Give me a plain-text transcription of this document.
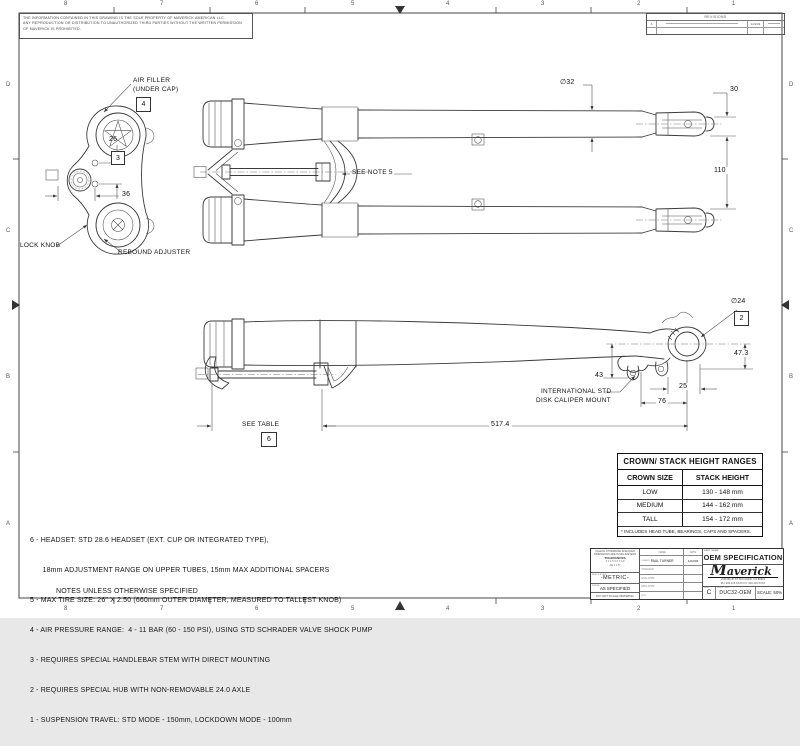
THE INFORMATION CONTAINED IN THIS DRAWING IS THE SOLE PROPERTY OF MAVERICK AMERICAN LLC.
ANY REPRODUCTION OR DISTRIBUTION TO UNAUTHORIZED THIRD PARTIES WITHOUT THE WRITTEN PERMISSION
OF MAVERICK IS PROHIBITED.
REVISIONS
A	1/22/03
8	7	6	5	4	3	2	1
8	7	6	5	4	3	2	1
D
C
B
A
D
C
B
A
AIR FILLER
(UNDER CAP)
4
26
3
36
LOCK KNOB
REBOUND ADJUSTER
SEE NOTE 5
∅32
30
110
SEE TABLE
6
517.4
76
25
43
47.3
∅24
2
INTERNATIONAL STD
DISK CALIPER MOUNT
CROWN/ STACK HEIGHT RANGES
CROWN SIZE	STACK HEIGHT
LOW	130 - 148 mm
MEDIUM	144 - 162 mm
TALL	154 - 172 mm
* INCLUDES HEAD TUBE, BEARINGS, CAPS AND SPACERS.

6 - HEADSET: STD 28.6 HEADSET (EXT. CUP OR INTEGRATED TYPE),

18mm ADJUSTMENT RANGE ON UPPER TUBES, 15mm MAX ADDITIONAL SPACERS

5 - MAX TIRE SIZE: 26" X 2.50 (660mm OUTER DIAMETER, MEASURED TO TALLEST KNOB)

4 - AIR PRESSURE RANGE:  4 - 11 BAR (60 - 150 PSI), USING STD SCHRADER VALVE SHOCK PUMP

3 - REQUIRES SPECIAL HANDLEBAR STEM WITH DIRECT MOUNTING

2 - REQUIRES SPECIAL HUB WITH NON-REMOVABLE 24.0 AXLE

1 - SUSPENSION TRAVEL: STD MODE - 150mm, LOCKDOWN MODE - 100mm

NOTES UNLESS OTHERWISE SPECIFIED
UNLESS OTHERWISE SPECIFIED
DIMENSIONS ARE IN MILLIMETERS
TOLERANCES
X ± 1.5 X.X ± 1.0
AN ± 1.5°
MATERIAL
-METRIC-
FINISH AS SPECIFIED
DO NOT SCALE DRAWING
NAME	DATE
DRAWN PAUL TURNER	1/22/03
CHECKED
ENG APPR.
MFG APPR.
Q.A.
PART NAME
OEM SPECIFICATION
Maverick
2345 BLUF ST, BOULDER, CO 80301
PH: 303.415.XXXX FX: 303.415.XXXX
SIZE
C
DWG. NO.
DUC32-OEM SCALE: 50%
